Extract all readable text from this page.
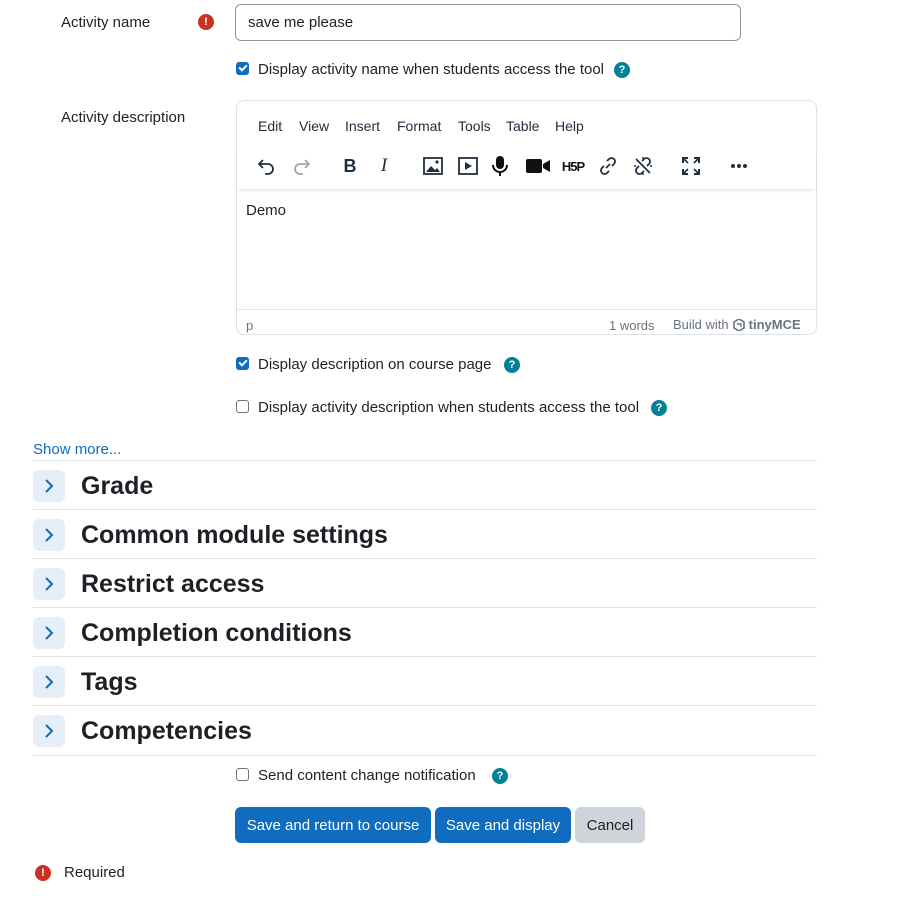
Activity name	!
save me please
Display activity name when students access the tool	?
Activity description	Edit View Insert Format Tools Table Help
B	I	H5P
Demo
p	1 words Build with tinyMCE
Display description on course page	?
Display activity description when students access the tool	?
Show more...
Grade
Common module settings
Restrict access
Completion conditions
Tags
Competencies
Send content change notification	?
Save and return to course	Save and display	Cancel
!	Required
